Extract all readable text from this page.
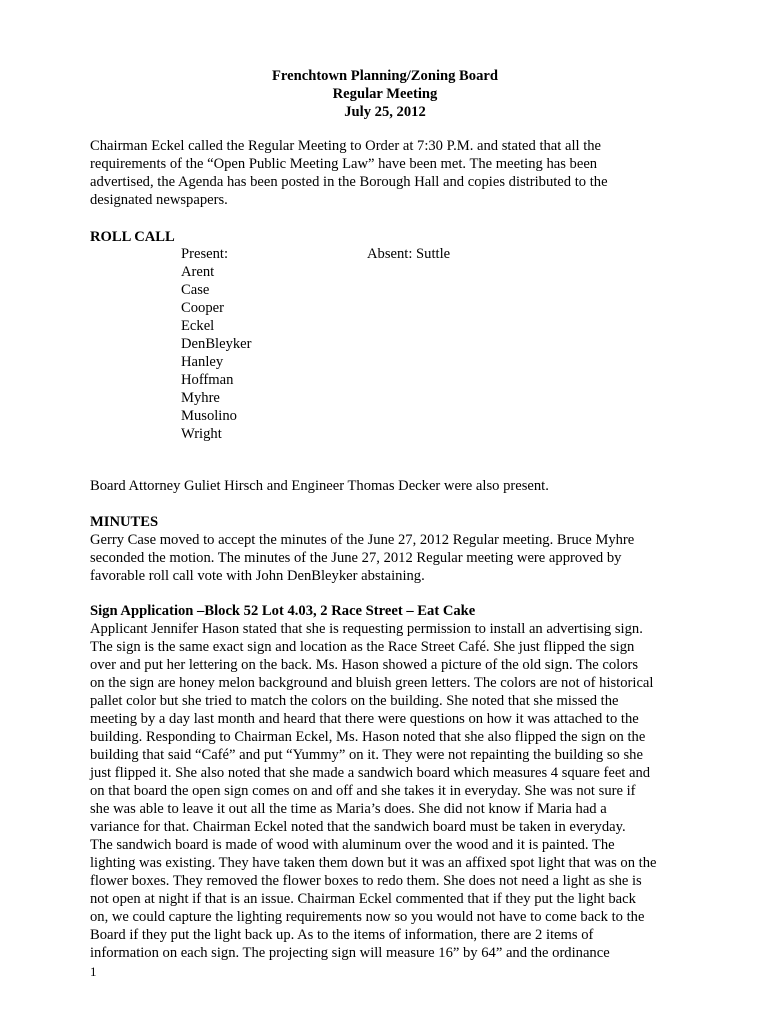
Frenchtown Planning/Zoning Board
Regular Meeting
July 25, 2012
Chairman Eckel called the Regular Meeting to Order at 7:30 P.M. and stated that all the
requirements of the “Open Public Meeting Law” have been met. The meeting has been
advertised, the Agenda has been posted in the Borough Hall and copies distributed to the
designated newspapers.
ROLL CALL
Present:
Arent
Case
Cooper
Eckel
DenBleyker
Hanley
Hoffman
Myhre
Musolino
Wright
Absent: Suttle
Board Attorney Guliet Hirsch and Engineer Thomas Decker were also present.
MINUTES
Gerry Case moved to accept the minutes of the June 27, 2012 Regular meeting. Bruce Myhre
seconded the motion. The minutes of the June 27, 2012 Regular meeting were approved by
favorable roll call vote with John DenBleyker abstaining.
Sign Application –Block 52 Lot 4.03, 2 Race Street – Eat Cake
Applicant Jennifer Hason stated that she is requesting permission to install an advertising sign.
The sign is the same exact sign and location as the Race Street Café. She just flipped the sign
over and put her lettering on the back. Ms. Hason showed a picture of the old sign. The colors
on the sign are honey melon background and bluish green letters. The colors are not of historical
pallet color but she tried to match the colors on the building. She noted that she missed the
meeting by a day last month and heard that there were questions on how it was attached to the
building. Responding to Chairman Eckel, Ms. Hason noted that she also flipped the sign on the
building that said “Café” and put “Yummy” on it. They were not repainting the building so she
just flipped it. She also noted that she made a sandwich board which measures 4 square feet and
on that board the open sign comes on and off and she takes it in everyday. She was not sure if
she was able to leave it out all the time as Maria’s does. She did not know if Maria had a
variance for that. Chairman Eckel noted that the sandwich board must be taken in everyday.
The sandwich board is made of wood with aluminum over the wood and it is painted. The
lighting was existing. They have taken them down but it was an affixed spot light that was on the
flower boxes. They removed the flower boxes to redo them. She does not need a light as she is
not open at night if that is an issue. Chairman Eckel commented that if they put the light back
on, we could capture the lighting requirements now so you would not have to come back to the
Board if they put the light back up. As to the items of information, there are 2 items of
information on each sign. The projecting sign will measure 16” by 64” and the ordinance
1
